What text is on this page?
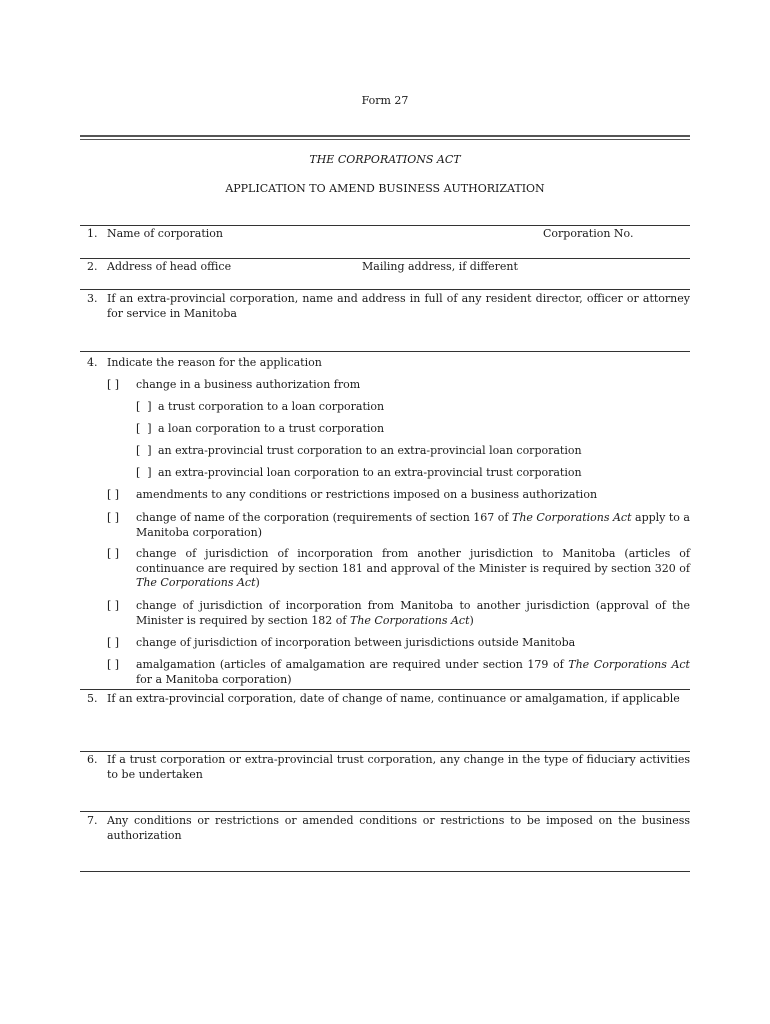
Form 27
THE CORPORATIONS ACT
APPLICATION TO AMEND BUSINESS AUTHORIZATION
1. Name of corporation	Corporation No.
2. Address of head office	Mailing address, if different
3. If an extra-provincial corporation, name and address in full of any resident director, officer or attorney for service in Manitoba
4. Indicate the reason for the application
[ ] change in a business authorization from
[  ] a trust corporation to a loan corporation
[  ] a loan corporation to a trust corporation
[  ] an extra-provincial trust corporation to an extra-provincial loan corporation
[  ] an extra-provincial loan corporation to an extra-provincial trust corporation
[ ] amendments to any conditions or restrictions imposed on a business authorization
[ ] change of name of the corporation (requirements of section 167 of The Corporations Act apply to a Manitoba corporation)
[ ] change of jurisdiction of incorporation from another jurisdiction to Manitoba (articles of continuance are required by section 181 and approval of the Minister is required by section 320 of The Corporations Act)
[ ] change of jurisdiction of incorporation from Manitoba to another jurisdiction (approval of the Minister is required by section 182 of The Corporations Act)
[ ] change of jurisdiction of incorporation between jurisdictions outside Manitoba
[ ] amalgamation (articles of amalgamation are required under section 179 of The Corporations Act for a Manitoba corporation)
5. If an extra-provincial corporation, date of change of name, continuance or amalgamation, if applicable
6. If a trust corporation or extra-provincial trust corporation, any change in the type of fiduciary activities to be undertaken
7. Any conditions or restrictions or amended conditions or restrictions to be imposed on the business authorization
